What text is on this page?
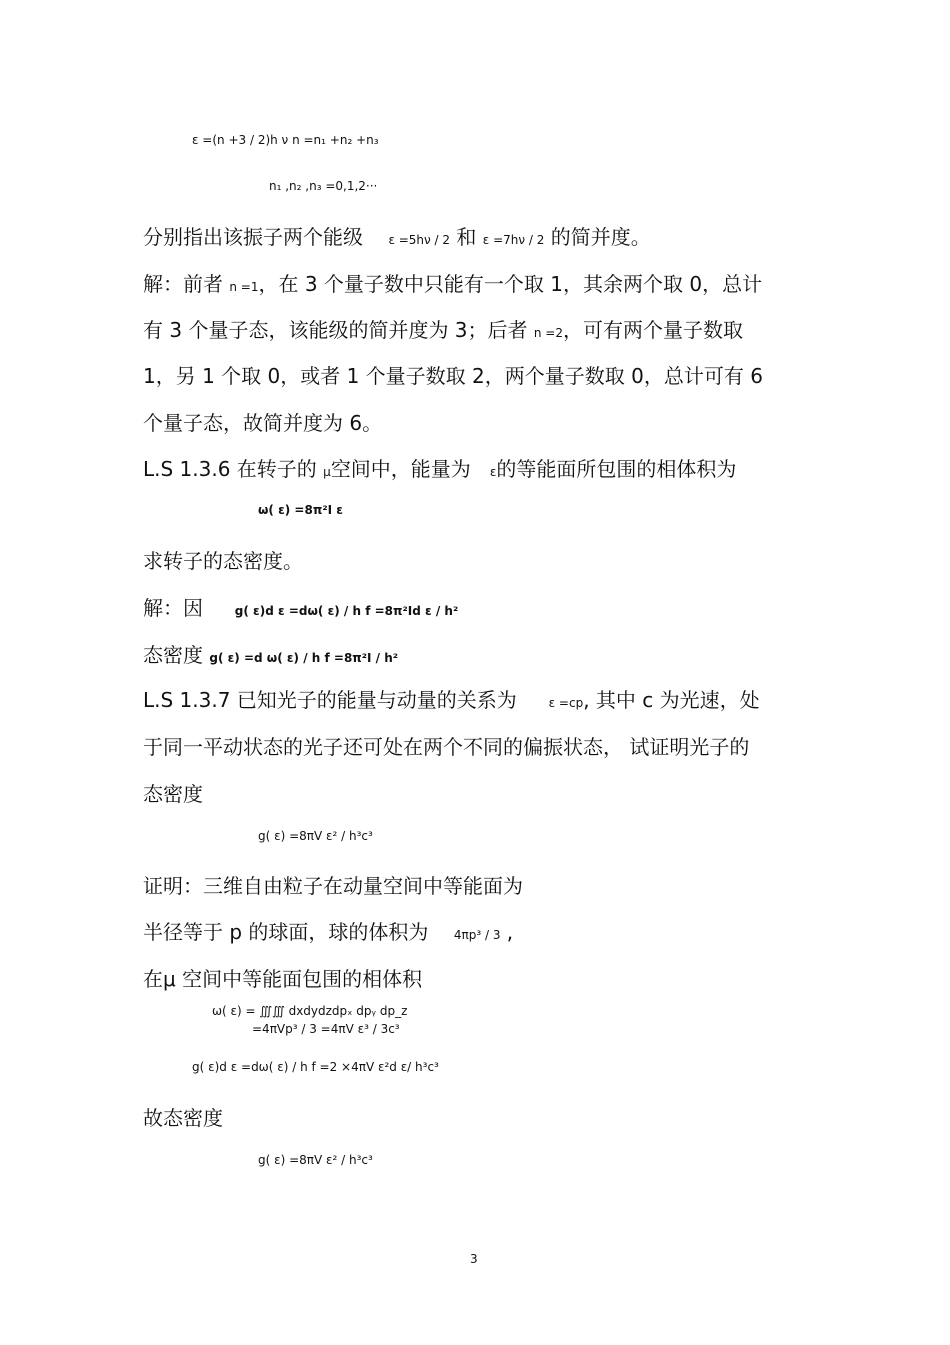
ε =(n +3 / 2)h ν n =n₁ +n₂ +n₃
n₁ ,n₂ ,n₃ =0,1,2···
分别指出该振子两个能级 ε =5hν / 2 和 ε =7hν / 2 的简并度。
解：前者 n =1，在 3 个量子数中只能有一个取 1，其余两个取 0，总计
有 3 个量子态，该能级的简并度为 3；后者 n =2，可有两个量子数取
1，另 1 个取 0，或者 1 个量子数取 2，两个量子数取 0，总计可有 6
个量子态，故简并度为 6。
L.S 1.3.6 在转子的 μ空间中，能量为 ε的等能面所包围的相体积为
ω( ε) =8π²I ε
求转子的态密度。
解：因	g( ε)d ε =dω( ε) / h f =8π²Id ε / h²
态密度 g( ε) =d ω( ε) / h f =8π²I / h²
L.S 1.3.7 已知光子的能量与动量的关系为	ε =cp, 其中 c 为光速，处
于同一平动状态的光子还可处在两个不同的偏振状态， 试证明光子的
态密度
g( ε) =8πV ε² / h³c³
证明：三维自由粒子在动量空间中等能面为
半径等于 p 的球面，球的体积为 4πp³ / 3 ,
在μ 空间中等能面包围的相体积
ω( ε) = ∭∭ dxdydzdpₓ dpᵧ dp_z
=4πVp³ / 3 =4πV ε³ / 3c³
g( ε)d ε =dω( ε) / h f =2 ×4πV ε²d ε/ h³c³
故态密度
g( ε) =8πV ε² / h³c³
3
